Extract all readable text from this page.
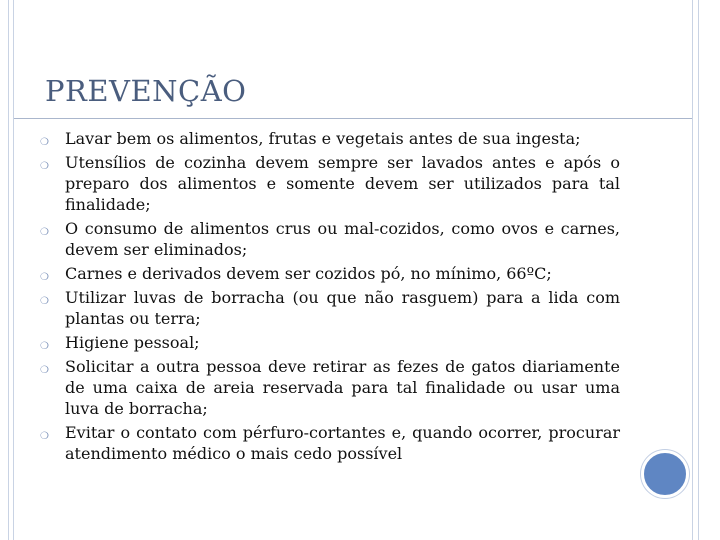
PREVENÇÃO
❍ Lavar bem os alimentos, frutas e vegetais antes de sua ingesta;
❍ Utensílios de cozinha devem sempre ser lavados antes e após o preparo dos alimentos e somente devem ser utilizados para tal finalidade;
❍ O consumo de alimentos crus ou mal-cozidos, como ovos e carnes, devem ser eliminados;
❍ Carnes e derivados devem ser cozidos pó, no mínimo, 66ºC;
❍ Utilizar luvas de borracha (ou que não rasguem) para a lida com plantas ou terra;
❍ Higiene pessoal;
❍ Solicitar a outra pessoa deve retirar as fezes de gatos diariamente de uma caixa de areia reservada para tal finalidade ou usar uma luva de borracha;
❍ Evitar o contato com pérfuro-cortantes e, quando ocorrer, procurar atendimento médico o mais cedo possível
